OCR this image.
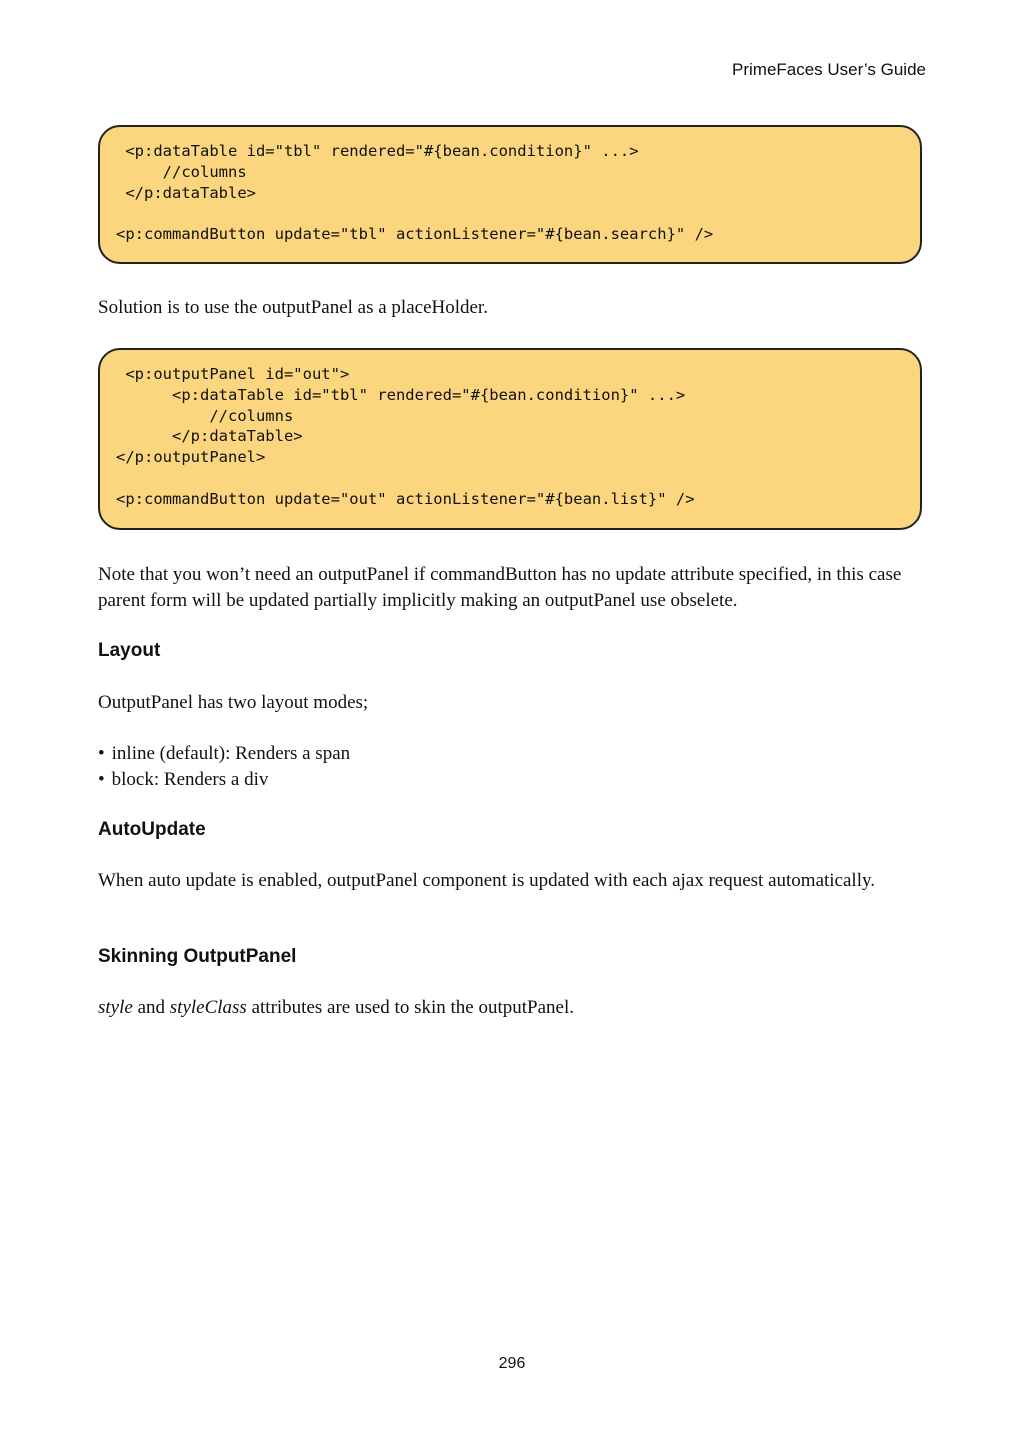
PrimeFaces User’s Guide
<p:dataTable id="tbl" rendered="#{bean.condition}" ...>
//columns
</p:dataTable>

<p:commandButton update="tbl" actionListener="#{bean.search}" />

Solution is to use the outputPanel as a placeHolder.

<p:outputPanel id="out">
<p:dataTable id="tbl" rendered="#{bean.condition}" ...>
//columns
</p:dataTable>
</p:outputPanel>

<p:commandButton update="out" actionListener="#{bean.list}" />

Note that you won’t need an outputPanel if commandButton has no update attribute specified, in this case parent form will be updated partially implicitly making an outputPanel use obselete.

Layout

OutputPanel has two layout modes;

• inline (default): Renders a span
• block: Renders a div
AutoUpdate

When auto update is enabled, outputPanel component is updated with each ajax request automatically.

Skinning OutputPanel

style and styleClass attributes are used to skin the outputPanel.

296
